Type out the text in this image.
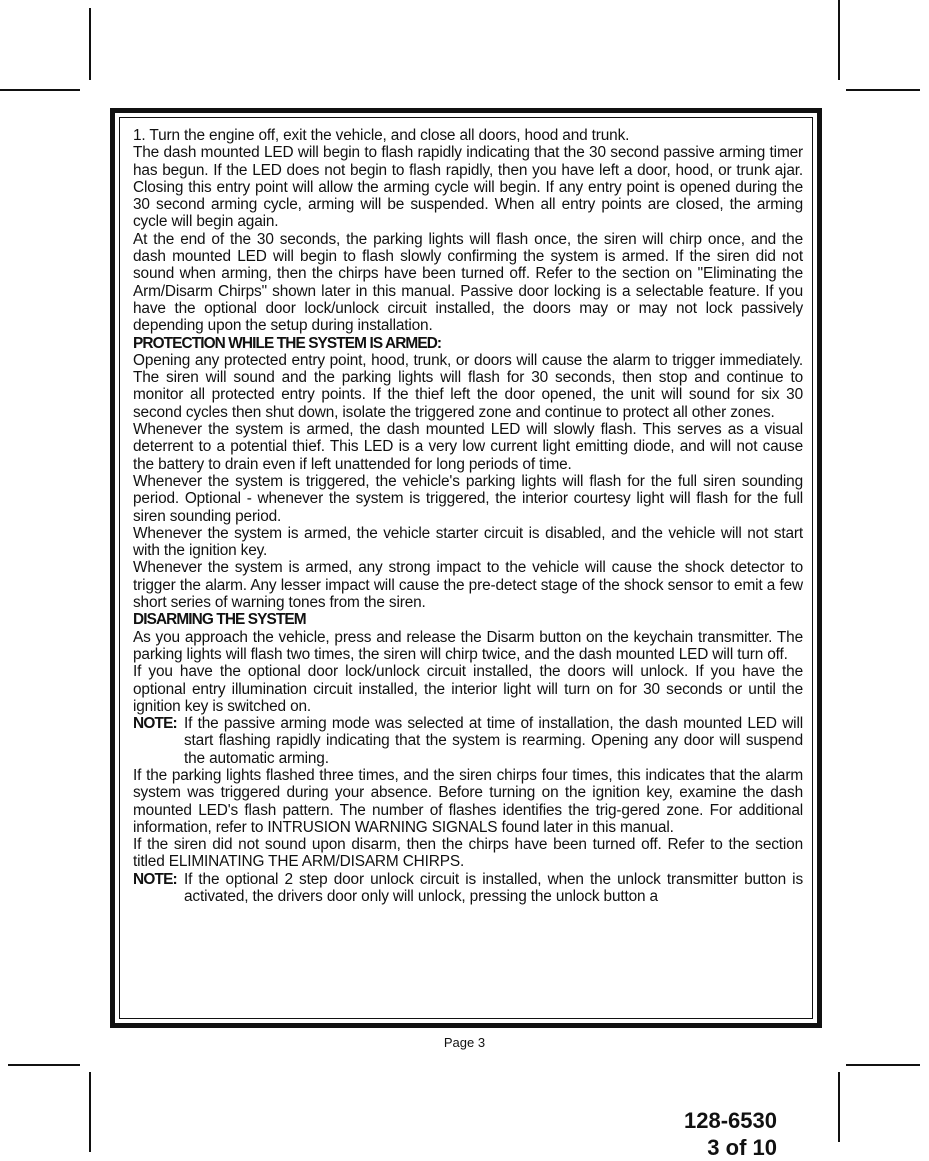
1. Turn the engine off, exit the vehicle, and close all doors, hood and trunk.

The dash mounted LED will begin to flash rapidly indicating that the 30 second passive arming timer has begun. If the LED does not begin to flash rapidly, then you have left a door, hood, or trunk ajar. Closing this entry point will allow the arming cycle will begin. If any entry point is opened during the 30 second arming cycle, arming will be suspended. When all entry points are closed, the arming cycle will begin again.

At the end of the 30 seconds, the parking lights will flash once, the siren will chirp once, and the dash mounted LED will begin to flash slowly confirming the system is armed. If the siren did not sound when arming, then the chirps have been turned off. Refer to the section on "Eliminating the Arm/Disarm Chirps" shown later in this manual. Passive door locking is a selectable feature. If you have the optional door lock/unlock circuit installed, the doors may or may not lock passively depending upon the setup during installation.

PROTECTION WHILE THE SYSTEM IS ARMED:

Opening any protected entry point, hood, trunk, or doors will cause the alarm to trigger immediately. The siren will sound and the parking lights will flash for 30 seconds, then stop and continue to monitor all protected entry points. If the thief left the door opened, the unit will sound for six 30 second cycles then shut down, isolate the triggered zone and continue to protect all other zones.

Whenever the system is armed, the dash mounted LED will slowly flash. This serves as a visual deterrent to a potential thief. This LED is a very low current light emitting diode, and will not cause the battery to drain even if left unattended for long periods of time.

Whenever the system is triggered, the vehicle's parking lights will flash for the full siren sounding period. Optional - whenever the system is triggered, the interior courtesy light will flash for the full siren sounding period.

Whenever the system is armed, the vehicle starter circuit is disabled, and the vehicle will not start with the ignition key.

Whenever the system is armed, any strong impact to the vehicle will cause the shock detector to trigger the alarm. Any lesser impact will cause the pre-detect stage of the shock sensor to emit a few short series of warning tones from the siren.

DISARMING THE SYSTEM

As you approach the vehicle, press and release the Disarm button on the keychain transmitter. The parking lights will flash two times, the siren will chirp twice, and the dash mounted LED will turn off.

If you have the optional door lock/unlock circuit installed, the doors will unlock. If you have the optional entry illumination circuit installed, the interior light will turn on for 30 seconds or until the ignition key is switched on.

NOTE: If the passive arming mode was selected at time of installation, the dash mounted LED will start flashing rapidly indicating that the system is rearming. Opening any door will suspend the automatic arming.

If the parking lights flashed three times, and the siren chirps four times, this indicates that the alarm system was triggered during your absence. Before turning on the ignition key, examine the dash mounted LED's flash pattern. The number of flashes identifies the trig-gered zone. For additional information, refer to INTRUSION WARNING SIGNALS found later in this manual.

If the siren did not sound upon disarm, then the chirps have been turned off. Refer to the section titled ELIMINATING THE ARM/DISARM CHIRPS.

NOTE: If the optional 2 step door unlock circuit is installed, when the unlock transmitter button is activated, the drivers door only will unlock, pressing the unlock button a

Page 3
128-6530
3 of 10
